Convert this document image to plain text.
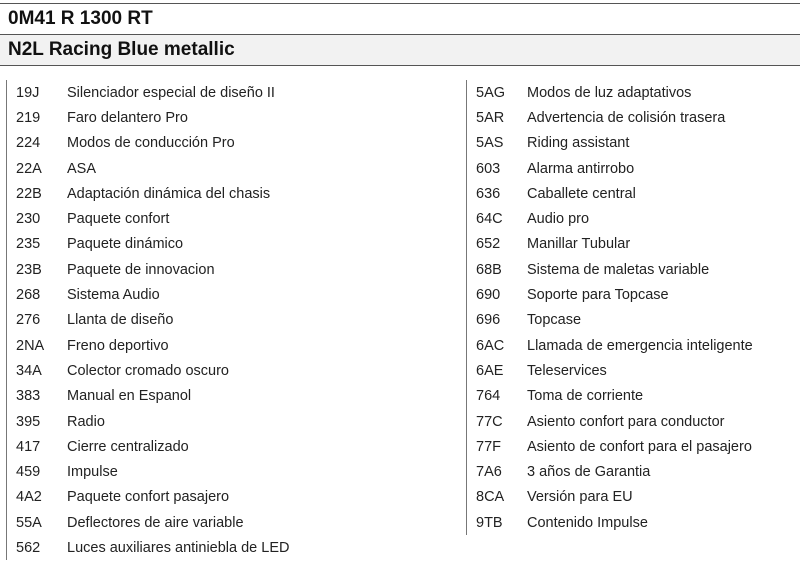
0M41 R 1300 RT
N2L Racing Blue metallic
19J	Silenciador especial de diseño II
219	Faro delantero Pro
224	Modos de conducción Pro
22A	ASA
22B	Adaptación dinámica del chasis
230	Paquete confort
235	Paquete dinámico
23B	Paquete de innovacion
268	Sistema Audio
276	Llanta de diseño
2NA	Freno deportivo
34A	Colector cromado oscuro
383	Manual en Espanol
395	Radio
417	Cierre centralizado
459	Impulse
4A2	Paquete confort pasajero
55A	Deflectores de aire variable
562	Luces auxiliares antiniebla de LED
5AG	Modos de luz adaptativos
5AR	Advertencia de colisión trasera
5AS	Riding assistant
603	Alarma antirrobo
636	Caballete central
64C	Audio pro
652	Manillar Tubular
68B	Sistema de maletas variable
690	Soporte para Topcase
696	Topcase
6AC	Llamada de emergencia inteligente
6AE	Teleservices
764	Toma de corriente
77C	Asiento confort para conductor
77F	Asiento de confort para el pasajero
7A6	3 años de Garantia
8CA	Versión para EU
9TB	Contenido Impulse
